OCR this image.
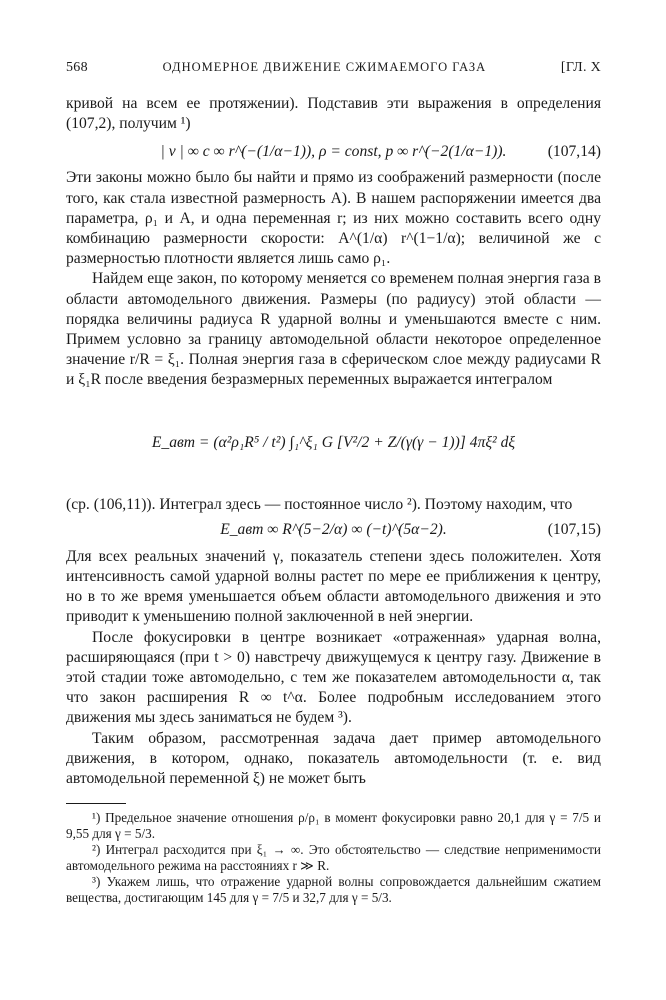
568	ОДНОМЕРНОЕ ДВИЖЕНИЕ СЖИМАЕМОГО ГАЗА	[ГЛ. X

кривой на всем ее протяжении). Подставив эти выражения в определения (107,2), получим ¹)

| v | ∞ c ∞ r^(−(1/α−1)), ρ = const, p ∞ r^(−2(1/α−1)).	(107,14)

Эти законы можно было бы найти и прямо из соображений размерности (после того, как стала известной размерность A). В нашем распоряжении имеется два параметра, ρ₁ и A, и одна переменная r; из них можно составить всего одну комбинацию размерности скорости: A^(1/α) r^(1−1/α); величиной же с размерностью плотности является лишь само ρ₁.

Найдем еще закон, по которому меняется со временем полная энергия газа в области автомодельного движения. Размеры (по радиусу) этой области — порядка величины радиуса R ударной волны и уменьшаются вместе с ним. Примем условно за границу автомодельной области некоторое определенное значение r/R = ξ₁. Полная энергия газа в сферическом слое между радиусами R и ξ₁R после введения безразмерных переменных выражается интегралом

E_авт = (α²ρ₁R⁵ / t²) ∫₁^ξ₁ G [V²/2 + Z/(γ(γ − 1))] 4πξ² dξ

(ср. (106,11)). Интеграл здесь — постоянное число ²). Поэтому находим, что

E_авт ∞ R^(5−2/α) ∞ (−t)^(5α−2).	(107,15)

Для всех реальных значений γ, показатель степени здесь положителен. Хотя интенсивность самой ударной волны растет по мере ее приближения к центру, но в то же время уменьшается объем области автомодельного движения и это приводит к уменьшению полной заключенной в ней энергии.

После фокусировки в центре возникает «отраженная» ударная волна, расширяющаяся (при t > 0) навстречу движущемуся к центру газу. Движение в этой стадии тоже автомодельно, с тем же показателем автомодельности α, так что закон расширения R ∞ t^α. Более подробным исследованием этого движения мы здесь заниматься не будем ³).

Таким образом, рассмотренная задача дает пример автомодельного движения, в котором, однако, показатель автомодельности (т. е. вид автомодельной переменной ξ) не может быть

¹) Предельное значение отношения ρ/ρ₁ в момент фокусировки равно 20,1 для γ = 7/5 и 9,55 для γ = 5/3.

²) Интеграл расходится при ξ₁ → ∞. Это обстоятельство — следствие неприменимости автомодельного режима на расстояниях r ≫ R.

³) Укажем лишь, что отражение ударной волны сопровождается дальнейшим сжатием вещества, достигающим 145 для γ = 7/5 и 32,7 для γ = 5/3.
